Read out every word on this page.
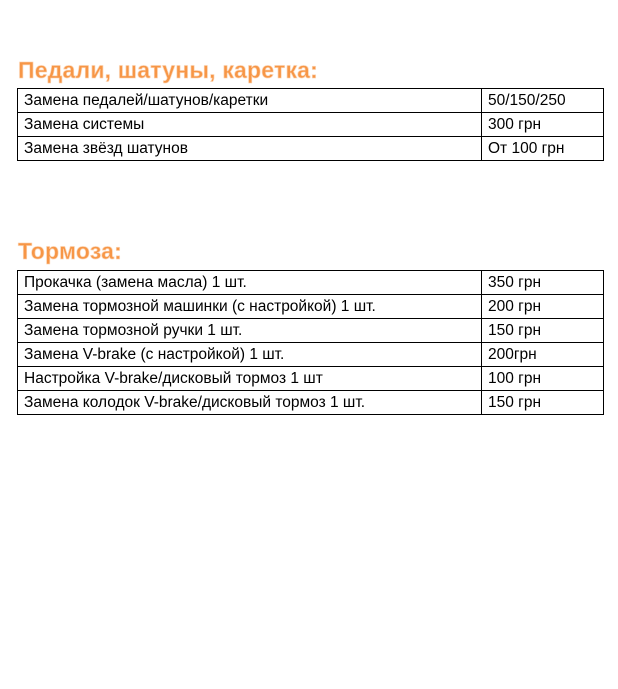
Педали, шатуны, каретка:
Замена педалей/шатунов/каретки	50/150/250
Замена системы	300 грн
Замена звёзд шатунов	От 100 грн
Тормоза:
Прокачка (замена масла) 1 шт.	350 грн
Замена тормозной машинки (с настройкой) 1 шт.	200 грн
Замена тормозной ручки 1 шт.	150 грн
Замена V-brake (с настройкой) 1 шт.	200грн
Настройка V-brake/дисковый тормоз 1 шт	100 грн
Замена колодок V-brake/дисковый тормоз 1 шт.	150 грн
